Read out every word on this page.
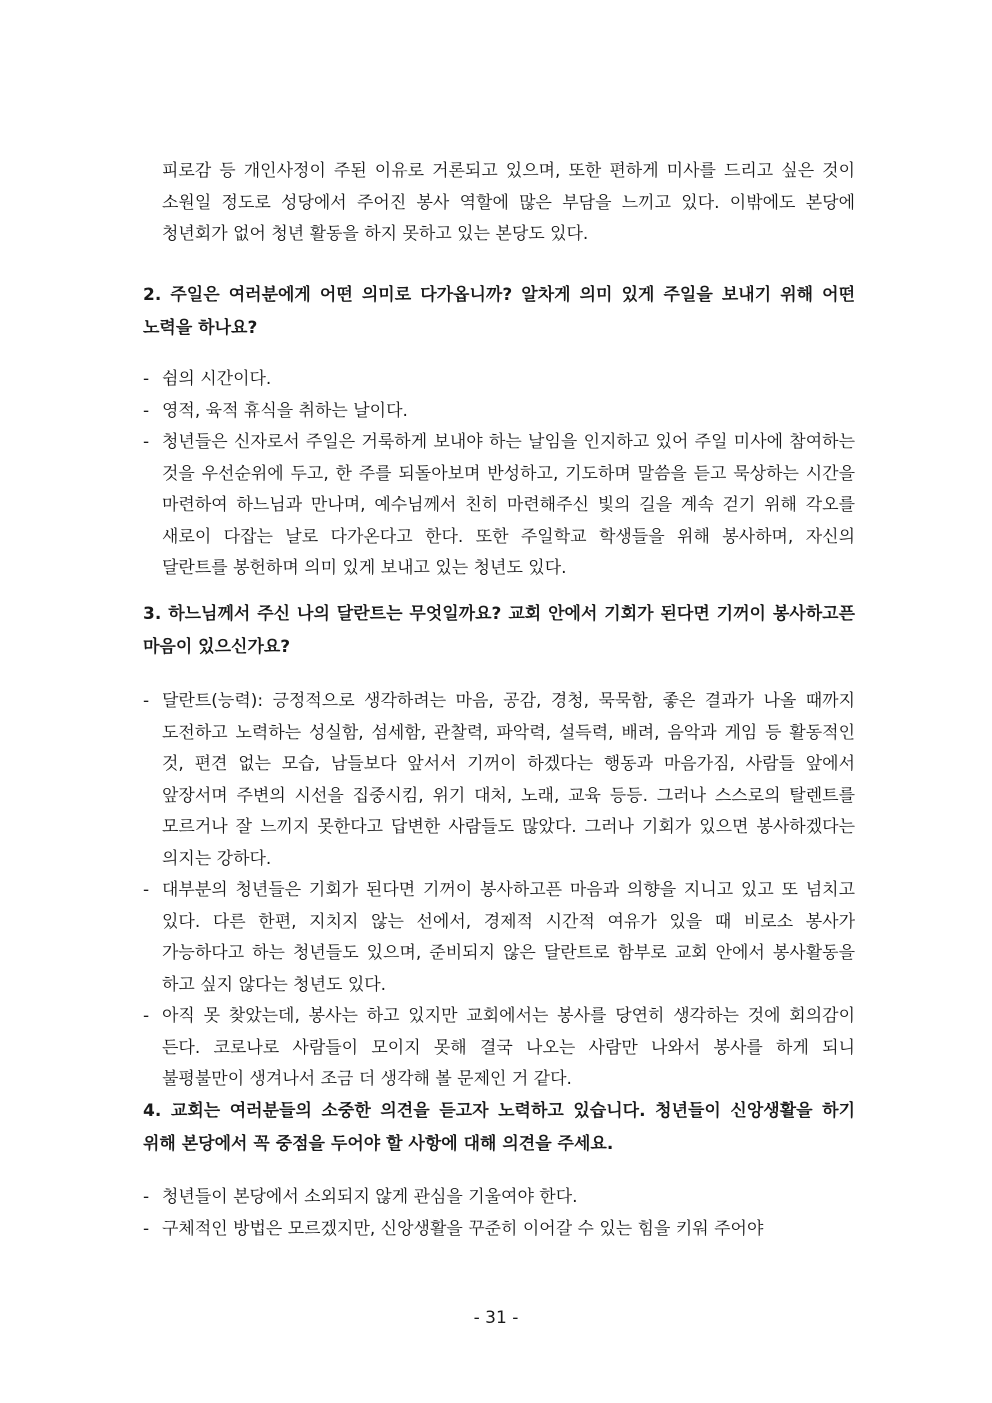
피로감 등 개인사정이 주된 이유로 거론되고 있으며, 또한 편하게 미사를 드리고 싶은 것이 소원일 정도로 성당에서 주어진 봉사 역할에 많은 부담을 느끼고 있다. 이밖에도 본당에 청년회가 없어 청년 활동을 하지 못하고 있는 본당도 있다.

2. 주일은 여러분에게 어떤 의미로 다가옵니까? 알차게 의미 있게 주일을 보내기 위해 어떤 노력을 하나요?

- 쉼의 시간이다.
- 영적, 육적 휴식을 취하는 날이다.
- 청년들은 신자로서 주일은 거룩하게 보내야 하는 날임을 인지하고 있어 주일 미사에 참여하는 것을 우선순위에 두고, 한 주를 되돌아보며 반성하고, 기도하며 말씀을 듣고 묵상하는 시간을 마련하여 하느님과 만나며, 예수님께서 친히 마련해주신 빛의 길을 계속 걷기 위해 각오를 새로이 다잡는 날로 다가온다고 한다. 또한 주일학교 학생들을 위해 봉사하며, 자신의 달란트를 봉헌하며 의미 있게 보내고 있는 청년도 있다.

3. 하느님께서 주신 나의 달란트는 무엇일까요? 교회 안에서 기회가 된다면 기꺼이 봉사하고픈 마음이 있으신가요?

- 달란트(능력): 긍정적으로 생각하려는 마음, 공감, 경청, 묵묵함, 좋은 결과가 나올 때까지 도전하고 노력하는 성실함, 섬세함, 관찰력, 파악력, 설득력, 배려, 음악과 게임 등 활동적인 것, 편견 없는 모습, 남들보다 앞서서 기꺼이 하겠다는 행동과 마음가짐, 사람들 앞에서 앞장서며 주변의 시선을 집중시킴, 위기 대처, 노래, 교육 등등. 그러나 스스로의 탈렌트를 모르거나 잘 느끼지 못한다고 답변한 사람들도 많았다. 그러나 기회가 있으면 봉사하겠다는 의지는 강하다.
- 대부분의 청년들은 기회가 된다면 기꺼이 봉사하고픈 마음과 의향을 지니고 있고 또 넘치고 있다. 다른 한편, 지치지 않는 선에서, 경제적 시간적 여유가 있을 때 비로소 봉사가 가능하다고 하는 청년들도 있으며, 준비되지 않은 달란트로 함부로 교회 안에서 봉사활동을 하고 싶지 않다는 청년도 있다.
- 아직 못 찾았는데, 봉사는 하고 있지만 교회에서는 봉사를 당연히 생각하는 것에 회의감이 든다. 코로나로 사람들이 모이지 못해 결국 나오는 사람만 나와서 봉사를 하게 되니 불평불만이 생겨나서 조금 더 생각해 볼 문제인 거 같다.

4. 교회는 여러분들의 소중한 의견을 듣고자 노력하고 있습니다. 청년들이 신앙생활을 하기 위해 본당에서 꼭 중점을 두어야 할 사항에 대해 의견을 주세요.

- 청년들이 본당에서 소외되지 않게 관심을 기울여야 한다.
- 구체적인 방법은 모르겠지만, 신앙생활을 꾸준히 이어갈 수 있는 힘을 키워 주어야
- 31 -
